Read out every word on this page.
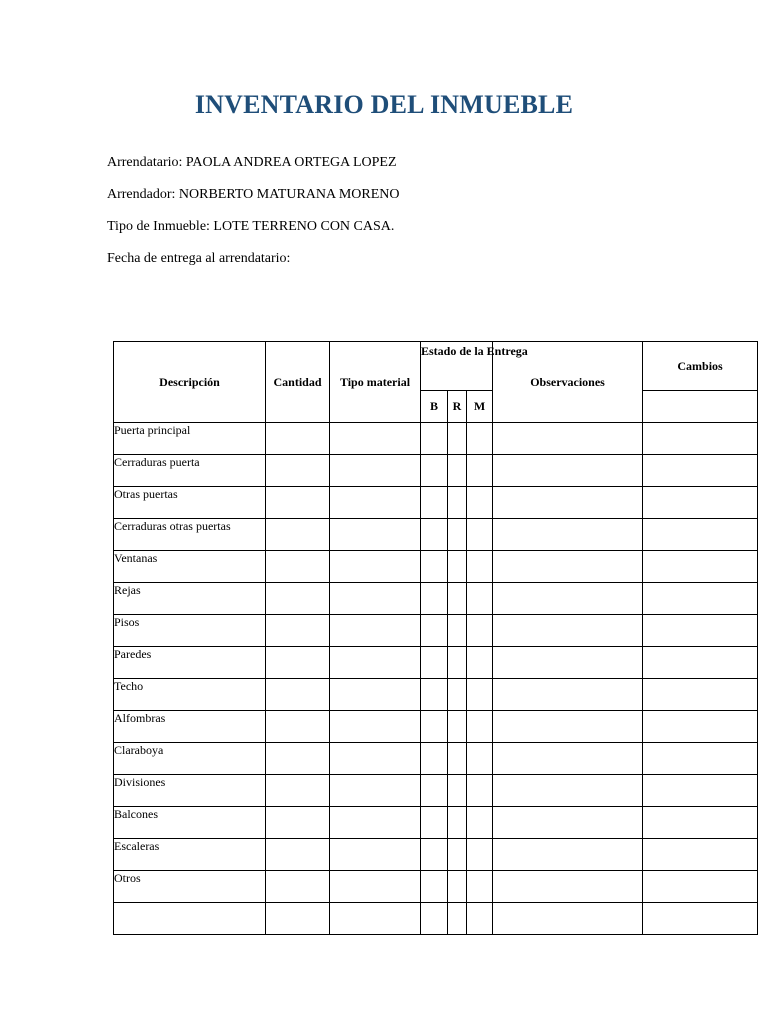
INVENTARIO DEL INMUEBLE
Arrendatario: PAOLA ANDREA ORTEGA LOPEZ
Arrendador: NORBERTO MATURANA MORENO
Tipo de Inmueble: LOTE TERRENO CON CASA.
Fecha de entrega al arrendatario:
Descripción	Cantidad	Tipo material	Estado de la Entrega			Observaciones	Cambios
			B	R	M		
Puerta principal							
Cerraduras puerta							
Otras puertas							
Cerraduras otras puertas							
Ventanas							
Rejas							
Pisos							
Paredes							
Techo							
Alfombras							
Claraboya							
Divisiones							
Balcones							
Escaleras							
Otros							
